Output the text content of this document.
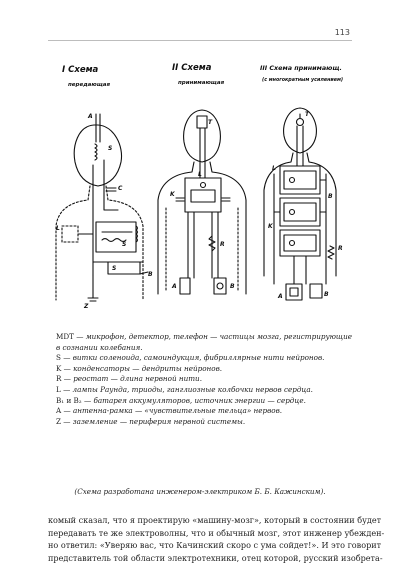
113
I Схема
передающая
II Схема
принимающая
III Схема принимающ.
(с многократным усилением)
A
S
C
L
S
S
B
Z
T
K
R
L
A	B
T
L
B
K
R
A	B
MDT — микрофон, детектор, телефон — частицы мозга, регистрирующие
в сознании колебания.
S — витки соленоида, самоиндукция, фибриллярные нити нейронов.
K — конденсаторы — дендриты нейронов.
R — реостат — длина нервной нити.
L — лампы Раунда, триоды, ганглиозные колбочки нервов сердца.
B₁ и B₂ — батарея аккумуляторов, источник энергии — сердце.
A — антенна-рамка — «чувствительные тельца» нервов.
Z — заземление — периферия нервной системы.
(Схема разработана инженером-электриком Б. Б. Кажинским).
комый сказал, что я проектирую «машину-мозг», который в состоянии будет
передавать те же электроволны, что и обычный мозг, этот инженер убежден-
но ответил: «Уверяю вас, что Качинский скоро с ума сойдет!». И это говорит
представитель той области электротехники, отец которой, русский изобрета-
